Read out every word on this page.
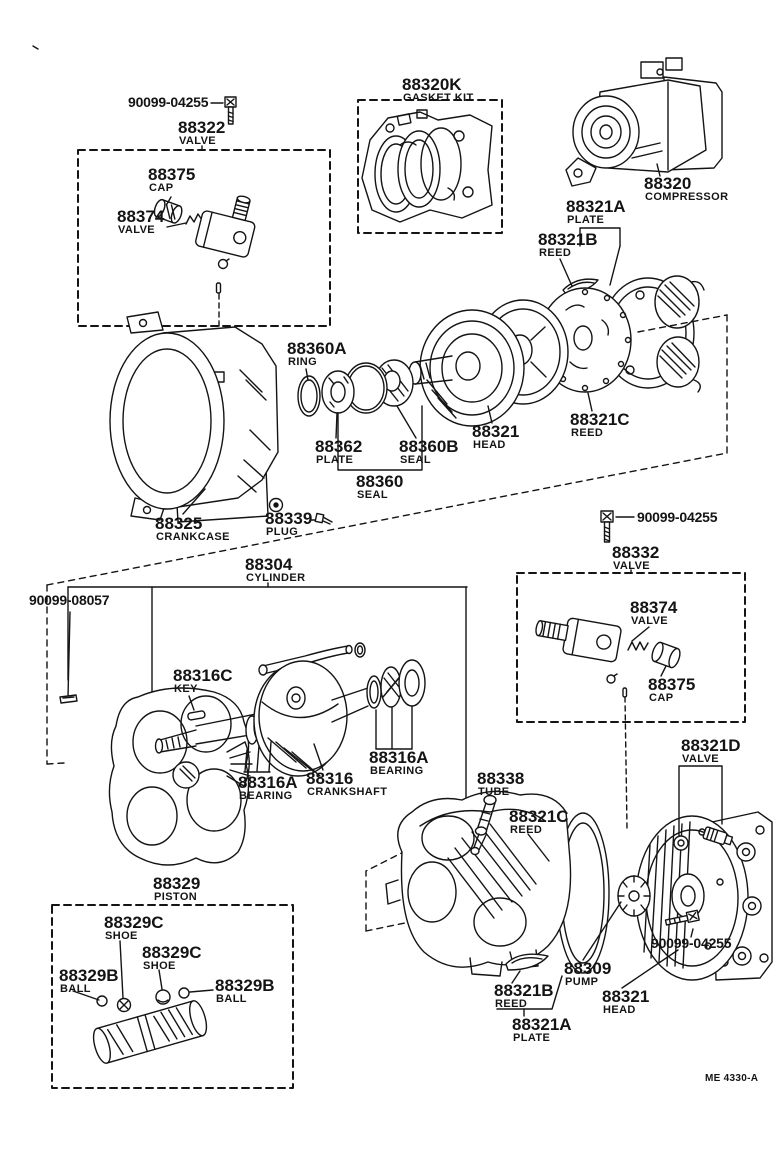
90099-04255
88322
VALVE
88375
CAP
88374
VALVE
88320K
GASKET KIT
88320
COMPRESSOR
88321A
PLATE
88321B
REED
88360A
RING
88362
PLATE
88360B
SEAL
88360
SEAL
88321
HEAD
88321C
REED
88325
CRANKCASE
88339
PLUG
90099-04255
88332
VALVE
88374
VALVE
88375
CAP
90099-08057
88304
CYLINDER
88316C
KEY
88316A
BEARING
88316
CRANKSHAFT
88316A
BEARING	88338
TUBE
88321C
REED
88321D
VALVE
90099-04255
88309
PUMP
88321
HEAD
88321B
REED
88321A
PLATE
88329
PISTON
88329C
SHOE
88329C
SHOE
88329B
BALL	88329B
BALL
ME 4330-A
